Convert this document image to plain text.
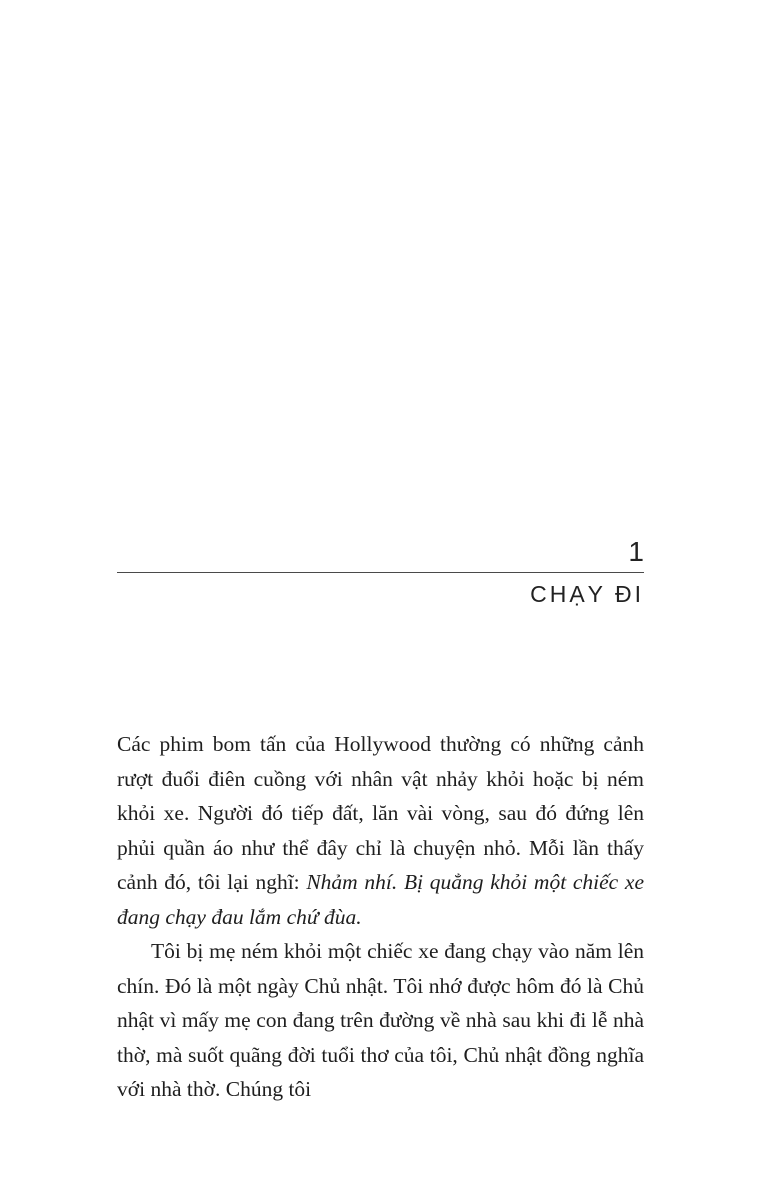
1
CHẠY ĐI

Các phim bom tấn của Hollywood thường có những cảnh rượt đuổi điên cuồng với nhân vật nhảy khỏi hoặc bị ném khỏi xe. Người đó tiếp đất, lăn vài vòng, sau đó đứng lên phủi quần áo như thể đây chỉ là chuyện nhỏ. Mỗi lần thấy cảnh đó, tôi lại nghĩ: Nhảm nhí. Bị quẳng khỏi một chiếc xe đang chạy đau lắm chứ đùa.

Tôi bị mẹ ném khỏi một chiếc xe đang chạy vào năm lên chín. Đó là một ngày Chủ nhật. Tôi nhớ được hôm đó là Chủ nhật vì mấy mẹ con đang trên đường về nhà sau khi đi lễ nhà thờ, mà suốt quãng đời tuổi thơ của tôi, Chủ nhật đồng nghĩa với nhà thờ. Chúng tôi
